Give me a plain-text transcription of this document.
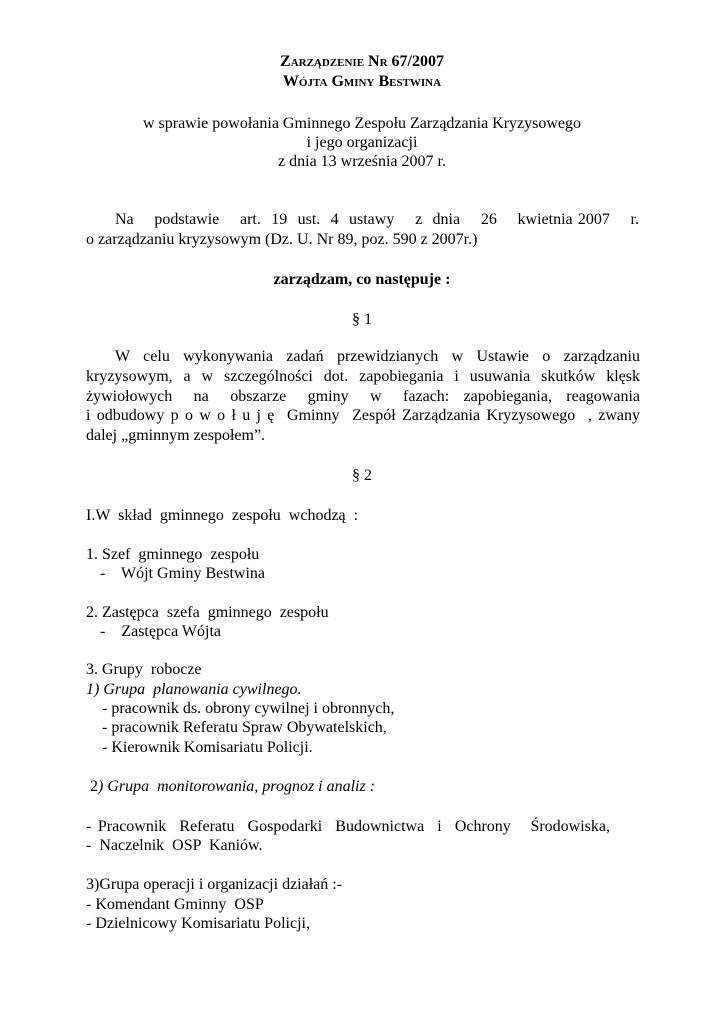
Zarządzenie Nr 67/2007

Wójta Gminy Bestwina

w sprawie powołania Gminnego Zespołu Zarządzania Kryzysowego

i jego organizacji

z dnia 13 września 2007 r.

Na    podstawie    art.  19  ust.  4  ustawy    z  dnia    26    kwietnia 2007    r.

o zarządzaniu kryzysowym (Dz. U. Nr 89, poz. 590 z 2007r.)

zarządzam, co następuje :

§ 1

W celu wykonywania zadań przewidzianych w Ustawie o zarządzaniu

kryzysowym, a w szczególności dot. zapobiegania i usuwania skutków klęsk

żywiołowych   na   obszarze   gminy   w   fazach:  zapobiegania,  reagowania

i odbudowy p o w o ł u j ę  Gminny  Zespół Zarządzania Kryzysowego  , zwany

dalej „gminnym zespołem”.

§ 2

I.W  skład  gminnego  zespołu  wchodzą  :

1. Szef  gminnego  zespołu

-    Wójt Gminy Bestwina

2. Zastępca  szefa  gminnego  zespołu

-    Zastępca Wójta

3. Grupy  robocze

1) Grupa  planowania cywilnego.

- pracownik ds. obrony cywilnej i obronnych,

- pracownik Referatu Spraw Obywatelskich,

- Kierownik Komisariatu Policji.

2) Grupa  monitorowania, prognoz i analiz :

- Pracownik  Referatu  Gospodarki  Budownictwa  i  Ochrony   Środowiska,

-  Naczelnik  OSP  Kaniów.

3)Grupa operacji i organizacji działań :-

- Komendant Gminny  OSP

- Dzielnicowy Komisariatu Policji,
